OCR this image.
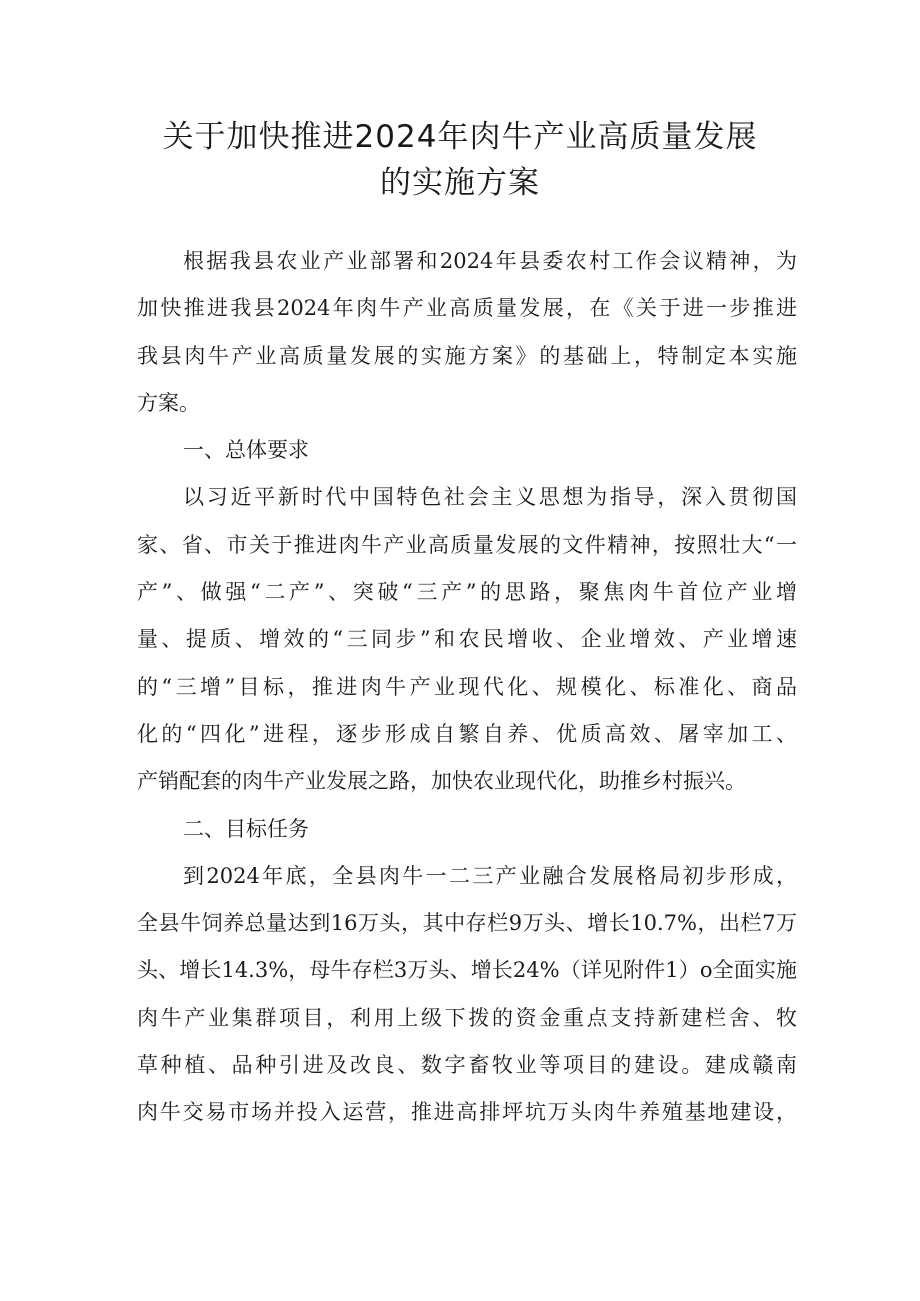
关于加快推进2024年肉牛产业高质量发展
的实施方案
根据我县农业产业部署和2024年县委农村工作会议精神，为
加快推进我县2024年肉牛产业高质量发展，在《关于进一步推进
我县肉牛产业高质量发展的实施方案》的基础上，特制定本实施
方案。
一、总体要求
以习近平新时代中国特色社会主义思想为指导，深入贯彻国
家、省、市关于推进肉牛产业高质量发展的文件精神，按照壮大“一
产”、做强“二产”、突破“三产”的思路，聚焦肉牛首位产业增
量、提质、增效的“三同步”和农民增收、企业增效、产业增速
的“三增”目标，推进肉牛产业现代化、规模化、标准化、商品
化的“四化”进程，逐步形成自繁自养、优质高效、屠宰加工、
产销配套的肉牛产业发展之路，加快农业现代化，助推乡村振兴。
二、目标任务
到2024年底，全县肉牛一二三产业融合发展格局初步形成，
全县牛饲养总量达到16万头，其中存栏9万头、增长10.7%，出栏7万
头、增长14.3%，母牛存栏3万头、增长24%（详见附件1）o全面实施
肉牛产业集群项目，利用上级下拨的资金重点支持新建栏舍、牧
草种植、品种引进及改良、数字畜牧业等项目的建设。建成赣南
肉牛交易市场并投入运营，推进高排坪坑万头肉牛养殖基地建设，
